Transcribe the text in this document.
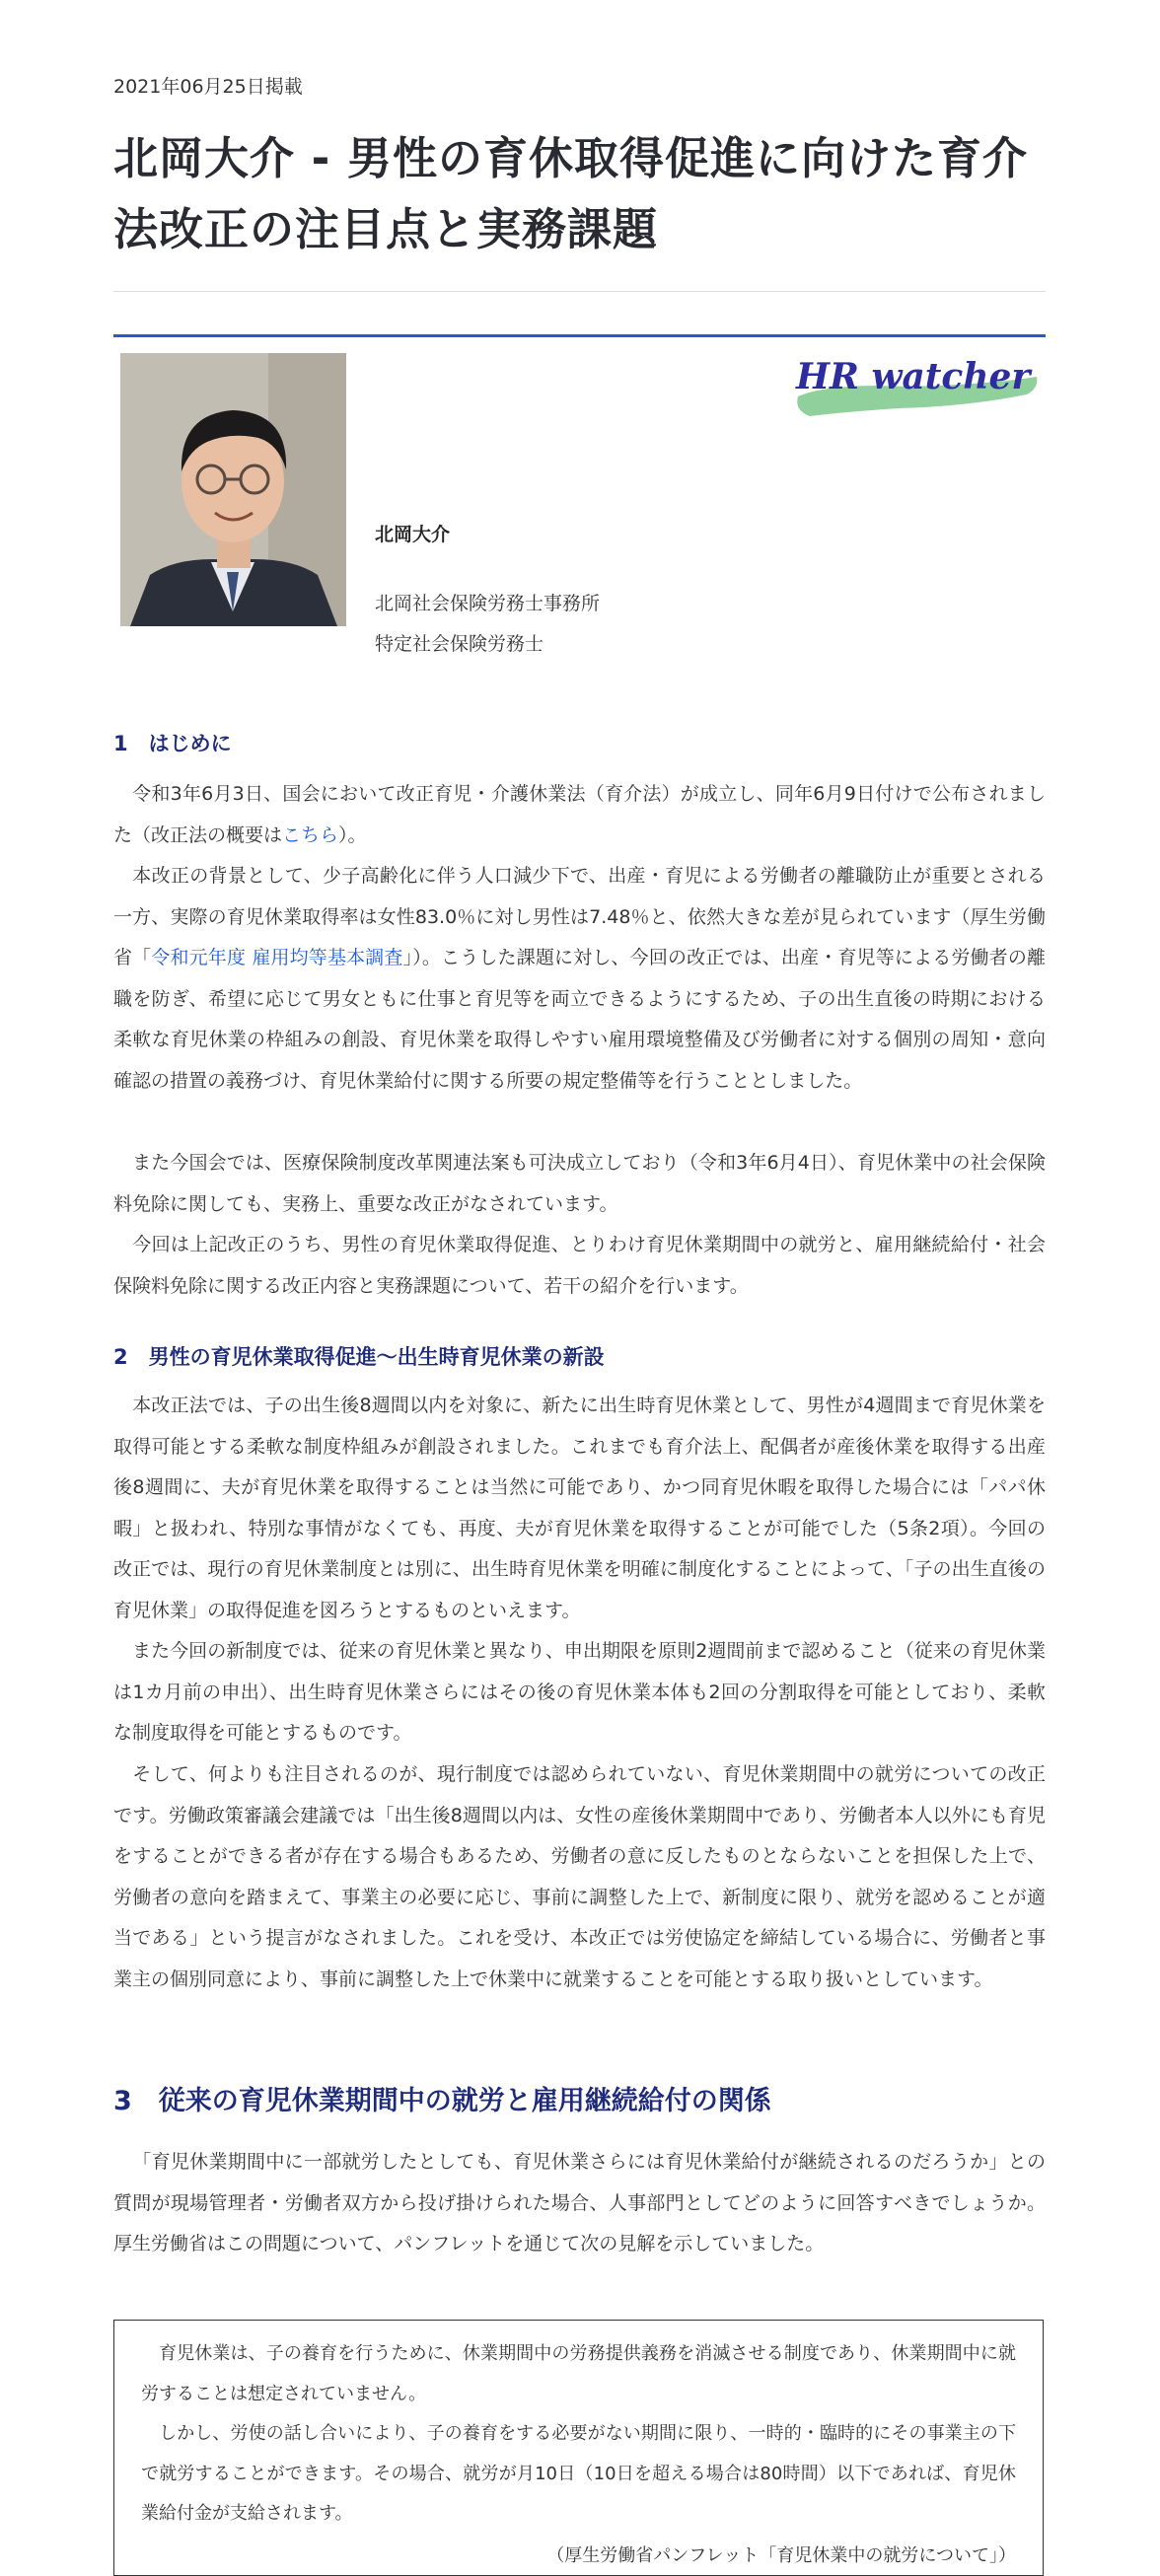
2021年06月25日掲載
北岡大介 - 男性の育休取得促進に向けた育介法改正の注目点と実務課題
HR watcher
北岡大介
北岡社会保険労務士事務所
特定社会保険労務士
1　はじめに

令和3年6月3日、国会において改正育児・介護休業法（育介法）が成立し、同年6月9日付けで公布されました（改正法の概要はこちら）。

本改正の背景として、少子高齢化に伴う人口減少下で、出産・育児による労働者の離職防止が重要とされる一方、実際の育児休業取得率は女性83.0％に対し男性は7.48％と、依然大きな差が見られています（厚生労働省「令和元年度 雇用均等基本調査」）。こうした課題に対し、今回の改正では、出産・育児等による労働者の離職を防ぎ、希望に応じて男女ともに仕事と育児等を両立できるようにするため、子の出生直後の時期における柔軟な育児休業の枠組みの創設、育児休業を取得しやすい雇用環境整備及び労働者に対する個別の周知・意向確認の措置の義務づけ、育児休業給付に関する所要の規定整備等を行うこととしました。

また今国会では、医療保険制度改革関連法案も可決成立しており（令和3年6月4日）、育児休業中の社会保険料免除に関しても、実務上、重要な改正がなされています。

今回は上記改正のうち、男性の育児休業取得促進、とりわけ育児休業期間中の就労と、雇用継続給付・社会保険料免除に関する改正内容と実務課題について、若干の紹介を行います。

2　男性の育児休業取得促進～出生時育児休業の新設

本改正法では、子の出生後8週間以内を対象に、新たに出生時育児休業として、男性が4週間まで育児休業を取得可能とする柔軟な制度枠組みが創設されました。これまでも育介法上、配偶者が産後休業を取得する出産後8週間に、夫が育児休業を取得することは当然に可能であり、かつ同育児休暇を取得した場合には「パパ休暇」と扱われ、特別な事情がなくても、再度、夫が育児休業を取得することが可能でした（5条2項）。今回の改正では、現行の育児休業制度とは別に、出生時育児休業を明確に制度化することによって、「子の出生直後の育児休業」の取得促進を図ろうとするものといえます。

また今回の新制度では、従来の育児休業と異なり、申出期限を原則2週間前まで認めること（従来の育児休業は1カ月前の申出）、出生時育児休業さらにはその後の育児休業本体も2回の分割取得を可能としており、柔軟な制度取得を可能とするものです。

そして、何よりも注目されるのが、現行制度では認められていない、育児休業期間中の就労についての改正です。労働政策審議会建議では「出生後8週間以内は、女性の産後休業期間中であり、労働者本人以外にも育児をすることができる者が存在する場合もあるため、労働者の意に反したものとならないことを担保した上で、労働者の意向を踏まえて、事業主の必要に応じ、事前に調整した上で、新制度に限り、就労を認めることが適当である」という提言がなされました。これを受け、本改正では労使協定を締結している場合に、労働者と事業主の個別同意により、事前に調整した上で休業中に就業することを可能とする取り扱いとしています。

3　従来の育児休業期間中の就労と雇用継続給付の関係

「育児休業期間中に一部就労したとしても、育児休業さらには育児休業給付が継続されるのだろうか」との質問が現場管理者・労働者双方から投げ掛けられた場合、人事部門としてどのように回答すべきでしょうか。厚生労働省はこの問題について、パンフレットを通じて次の見解を示していました。

育児休業は、子の養育を行うために、休業期間中の労務提供義務を消滅させる制度であり、休業期間中に就労することは想定されていません。

しかし、労使の話し合いにより、子の養育をする必要がない期間に限り、一時的・臨時的にその事業主の下で就労することができます。その場合、就労が月10日（10日を超える場合は80時間）以下であれば、育児休業給付金が支給されます。

（厚生労働省パンフレット「育児休業中の就労について」）
